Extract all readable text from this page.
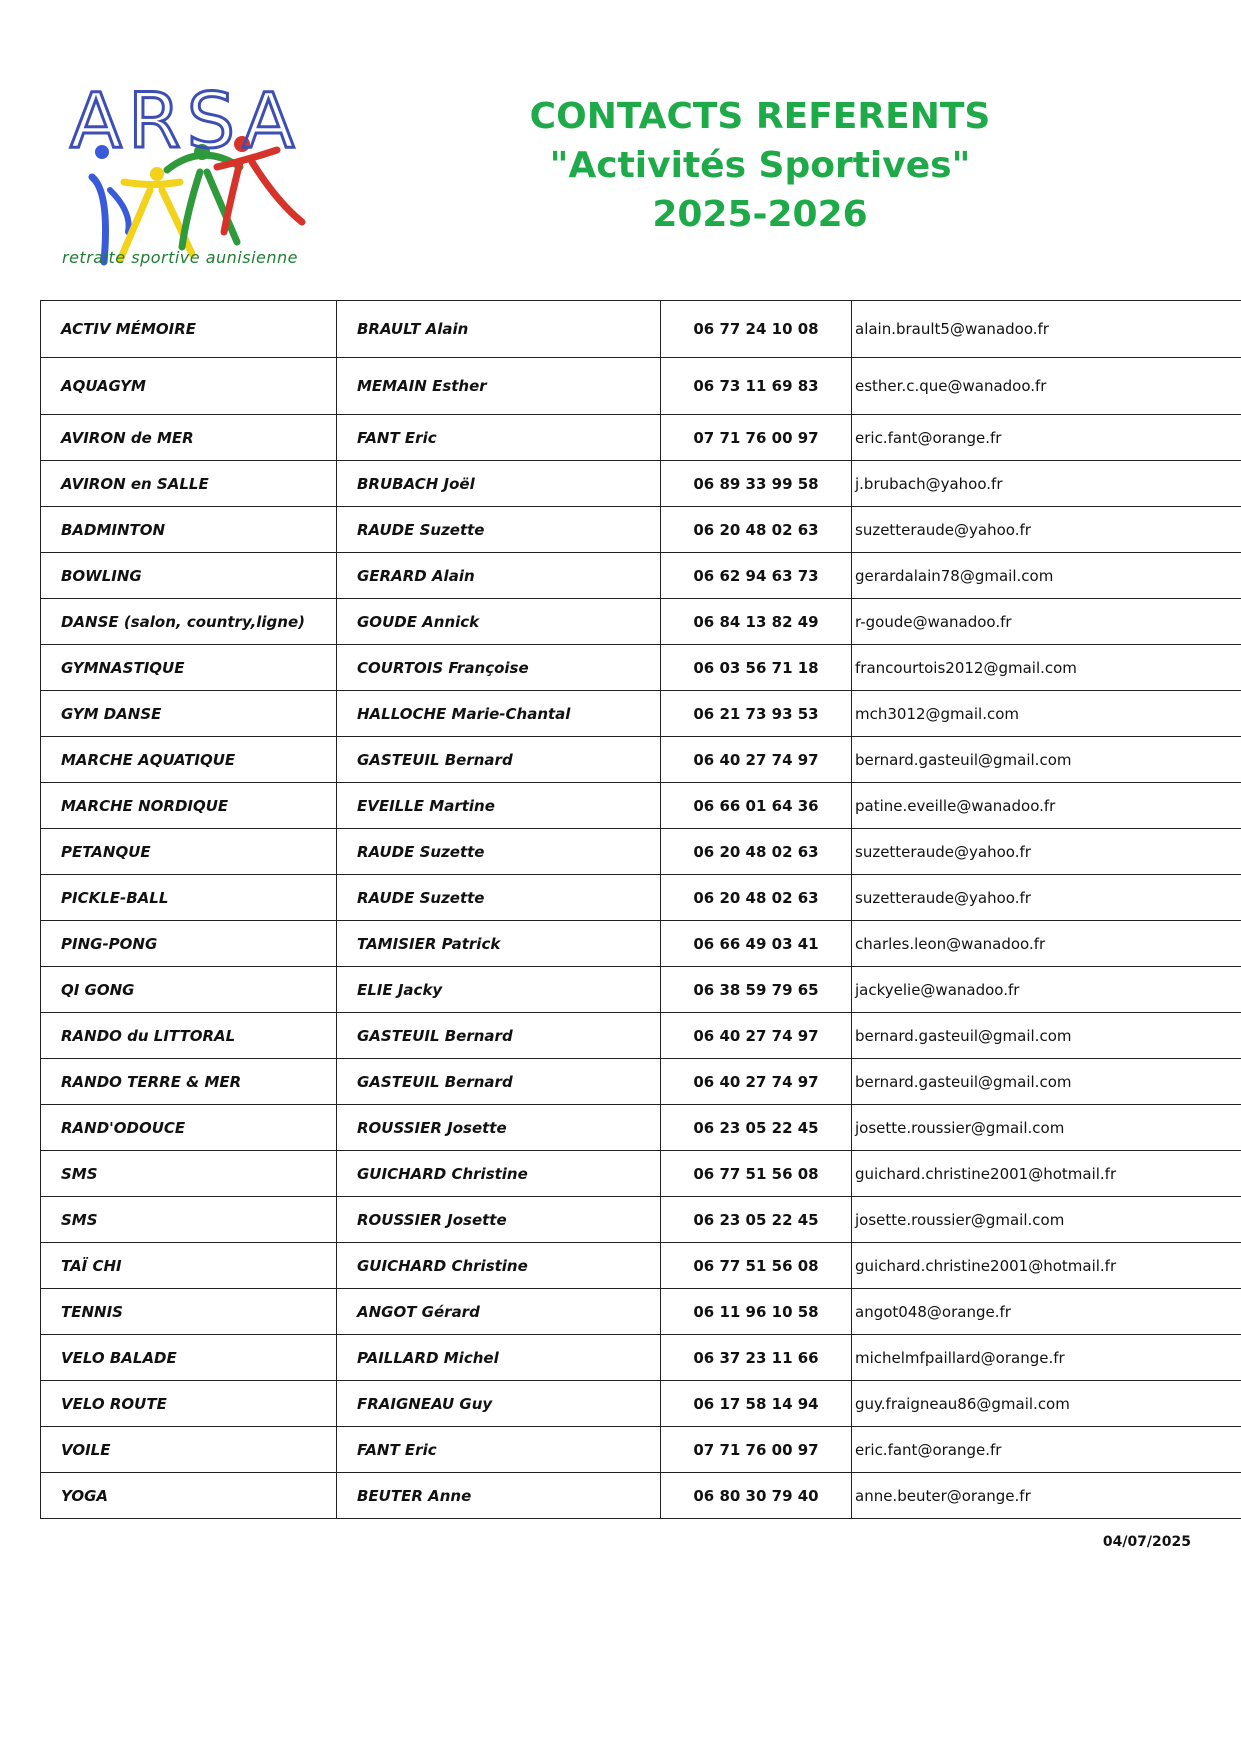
ARSA
retraite sportive aunisienne
CONTACTS REFERENTS
"Activités Sportives"
2025-2026
ACTIV MÉMOIRE	BRAULT Alain	06 77 24 10 08	alain.brault5@wanadoo.fr
AQUAGYM	MEMAIN Esther	06 73 11 69 83	esther.c.que@wanadoo.fr
AVIRON de MER	FANT Eric	07 71 76 00 97	eric.fant@orange.fr
AVIRON en SALLE	BRUBACH Joël	06 89 33 99 58	j.brubach@yahoo.fr
BADMINTON	RAUDE Suzette	06 20 48 02 63	suzetteraude@yahoo.fr
BOWLING	GERARD Alain	06 62 94 63 73	gerardalain78@gmail.com
DANSE (salon, country,ligne)	GOUDE Annick	06 84 13 82 49	r-goude@wanadoo.fr
GYMNASTIQUE	COURTOIS Françoise	06 03 56 71 18	francourtois2012@gmail.com
GYM DANSE	HALLOCHE Marie-Chantal	06 21 73 93 53	mch3012@gmail.com
MARCHE AQUATIQUE	GASTEUIL Bernard	06 40 27 74 97	bernard.gasteuil@gmail.com
MARCHE NORDIQUE	EVEILLE Martine	06 66 01 64 36	patine.eveille@wanadoo.fr
PETANQUE	RAUDE Suzette	06 20 48 02 63	suzetteraude@yahoo.fr
PICKLE-BALL	RAUDE Suzette	06 20 48 02 63	suzetteraude@yahoo.fr
PING-PONG	TAMISIER Patrick	06 66 49 03 41	charles.leon@wanadoo.fr
QI GONG	ELIE Jacky	06 38 59 79 65	jackyelie@wanadoo.fr
RANDO du LITTORAL	GASTEUIL Bernard	06 40 27 74 97	bernard.gasteuil@gmail.com
RANDO TERRE & MER	GASTEUIL Bernard	06 40 27 74 97	bernard.gasteuil@gmail.com
RAND'ODOUCE	ROUSSIER Josette	06 23 05 22 45	josette.roussier@gmail.com
SMS	GUICHARD Christine	06 77 51 56 08	guichard.christine2001@hotmail.fr
SMS	ROUSSIER Josette	06 23 05 22 45	josette.roussier@gmail.com
TAÏ CHI	GUICHARD Christine	06 77 51 56 08	guichard.christine2001@hotmail.fr
TENNIS	ANGOT Gérard	06 11 96 10 58	angot048@orange.fr
VELO BALADE	PAILLARD Michel	06 37 23 11 66	michelmfpaillard@orange.fr
VELO ROUTE	FRAIGNEAU Guy	06 17 58 14 94	guy.fraigneau86@gmail.com
VOILE	FANT Eric	07 71 76 00 97	eric.fant@orange.fr
YOGA	BEUTER Anne	06 80 30 79 40	anne.beuter@orange.fr
04/07/2025
